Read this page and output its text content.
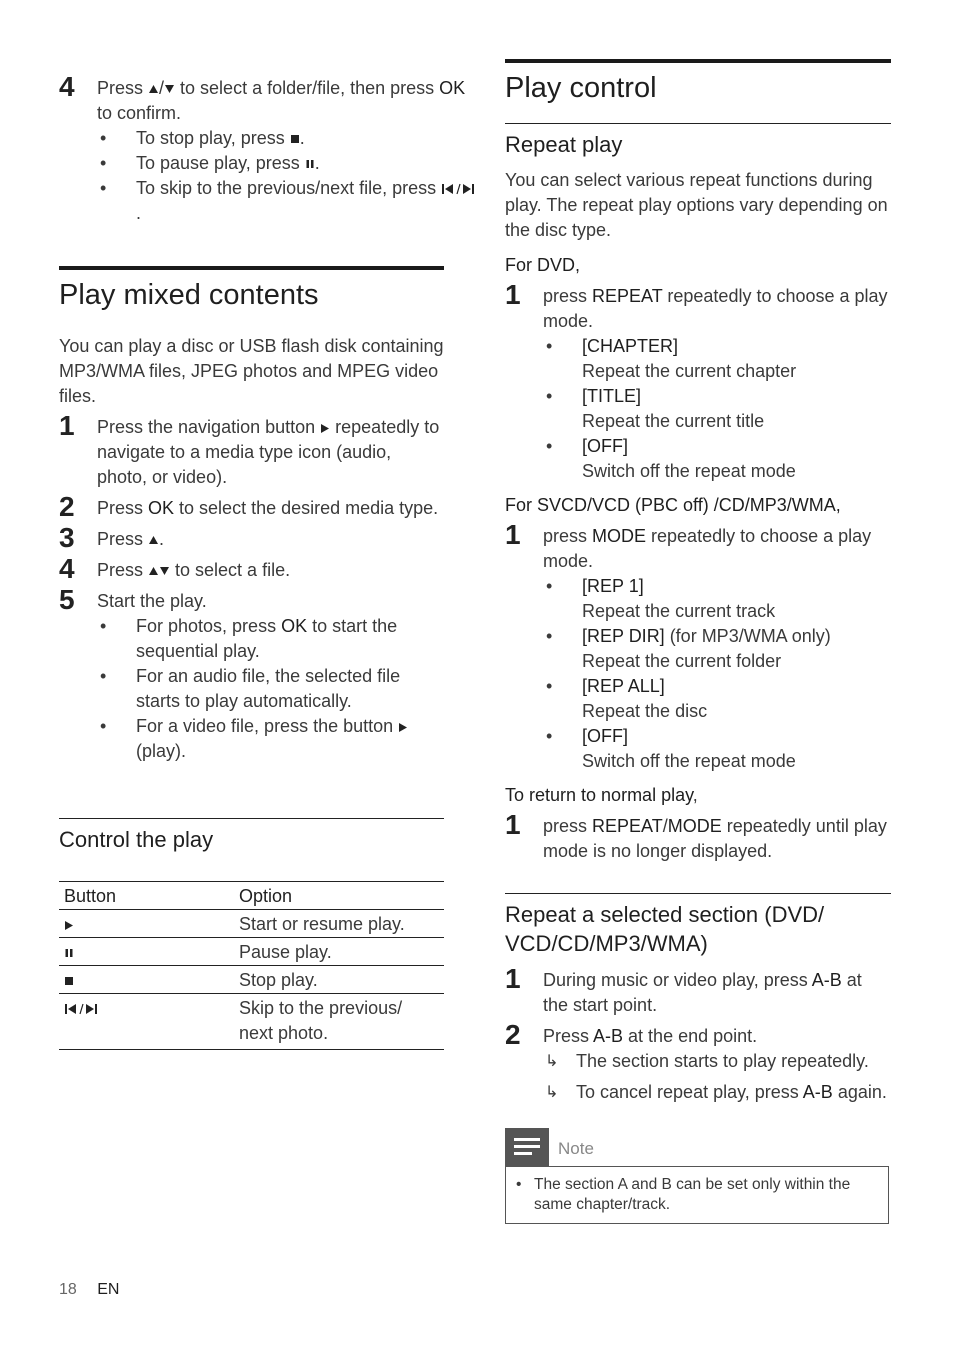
4 Press / to select a folder/file, then press OK to confirm.
• To stop play, press .
• To pause play, press .
• To skip to the previous/next file, press .
Play mixed contents
You can play a disc or USB flash disk containing MP3/WMA files, JPEG photos and MPEG video files.
1 Press the navigation button  repeatedly to navigate to a media type icon (audio, photo, or video).
2 Press OK to select the desired media type.
3 Press .
4 Press  to select a file.
5 Start the play.
• For photos, press OK to start the sequential play.
• For an audio file, the selected file starts to play automatically.
• For a video file, press the button  (play).
Control the play
Button	Option
	Start or resume play.
	Pause play.
	Stop play.
	Skip to the previous/ next photo.
Play control
Repeat play
You can select various repeat functions during play. The repeat play options vary depending on the disc type.
For DVD,
1 press REPEAT repeatedly to choose a play mode.
• [CHAPTER]
Repeat the current chapter
• [TITLE]
Repeat the current title
• [OFF]
Switch off the repeat mode
For SVCD/VCD (PBC off) /CD/MP3/WMA,
1 press MODE repeatedly to choose a play mode.
• [REP 1]
Repeat the current track
• [REP DIR] (for MP3/WMA only)
Repeat the current folder
• [REP ALL]
Repeat the disc
• [OFF]
Switch off the repeat mode
To return to normal play,
1 press REPEAT/MODE repeatedly until play mode is no longer displayed.
Repeat a selected section (DVD/ VCD/CD/MP3/WMA)
1 During music or video play, press A-B at the start point.
2 Press A-B at the end point.
↳ The section starts to play repeatedly.
↳ To cancel repeat play, press A-B again.
Note
• The section A and B can be set only within the same chapter/track.
18 EN
